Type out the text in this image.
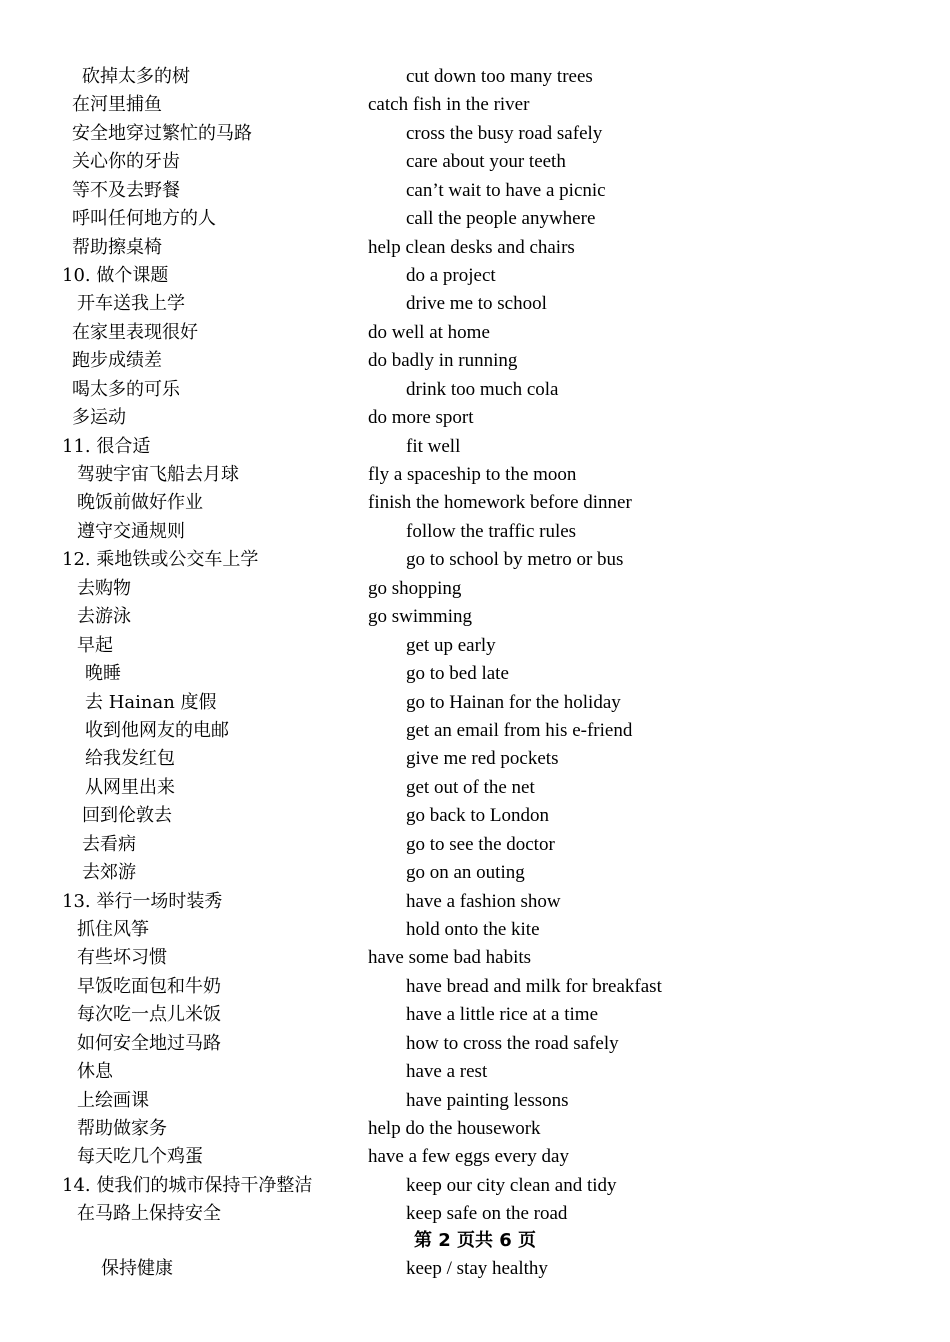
砍掉太多的树	cut down too many trees
在河里捕鱼	catch fish in the river
安全地穿过繁忙的马路	cross the busy road safely
关心你的牙齿	care about your teeth
等不及去野餐	can’t wait to have a picnic
呼叫任何地方的人	call the people anywhere
帮助擦桌椅	help clean desks and chairs
10. 做个课题	do a project
开车送我上学	drive me to school
在家里表现很好	do well at home
跑步成绩差	do badly in running
喝太多的可乐	drink too much cola
多运动	do more sport
11. 很合适	fit well
驾驶宇宙飞船去月球	fly a spaceship to the moon
晚饭前做好作业	finish the homework before dinner
遵守交通规则	follow the traffic rules
12. 乘地铁或公交车上学	go to school by metro or bus
去购物	go shopping
去游泳	go swimming
早起	get up early
晚睡	go to bed late
去 Hainan 度假	go to Hainan for the holiday
收到他网友的电邮	get an email from his e-friend
给我发红包	give me red pockets
从网里出来	get out of the net
回到伦敦去	go back to London
去看病	go to see the doctor
去郊游	go on an outing
13. 举行一场时装秀	have a fashion show
抓住风筝	hold onto the kite
有些坏习惯	have some bad habits
早饭吃面包和牛奶	have bread and milk for breakfast
每次吃一点儿米饭	have a little rice at a time
如何安全地过马路	how to cross the road safely
休息	have a rest
上绘画课	have painting lessons
帮助做家务	help do the housework
每天吃几个鸡蛋	have a few eggs every day
14. 使我们的城市保持干净整洁	keep our city clean and tidy
在马路上保持安全	keep safe on the road
第 2 页共 6 页
保持健康	keep / stay healthy
